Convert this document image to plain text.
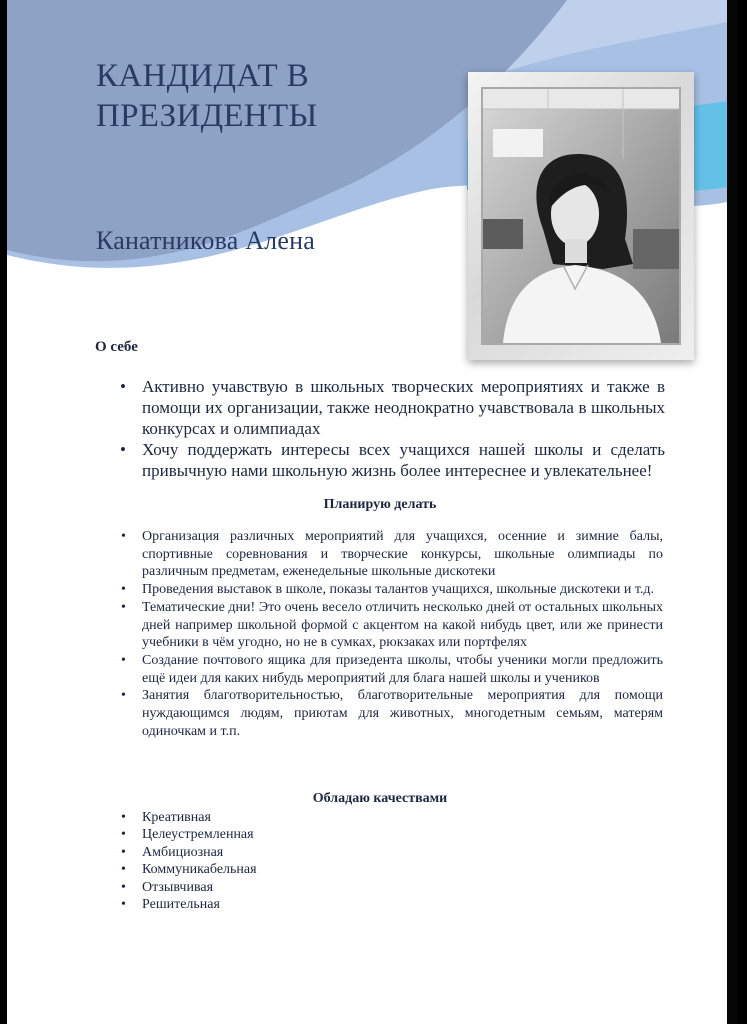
КАНДИДАТ В
ПРЕЗИДЕНТЫ
Канатникова Алена
О себе
• Активно учавствую в школьных творческих мероприятиях и также в помощи их организации, также неоднократно учавствовала в школьных конкурсах и олимпиадах
• Хочу поддержать интересы всех учащихся нашей школы и сделать привычную нами школьную жизнь более интереснее и увлекательнее!
Планирую делать
• Организация различных мероприятий для учащихся, осенние и зимние балы, спортивные соревнования и творческие конкурсы, школьные олимпиады по различным предметам, еженедельные школьные дискотеки
• Проведения выставок в школе, показы талантов учащихся, школьные дискотеки и т.д.
• Тематические дни! Это очень весело отличить несколько дней от остальных школьных дней например школьной формой с акцентом на какой нибудь цвет, или же принести учебники в чём угодно, но не в сумках, рюкзаках или портфелях
• Создание почтового ящика для призедента школы, чтобы ученики могли предложить ещё идеи для каких нибудь мероприятий для блага нашей школы и учеников
• Занятия благотворительностью, благотворительные мероприятия для помощи нуждающимся людям, приютам для животных, многодетным семьям, матерям одиночкам и т.п.
Обладаю качествами
• Креативная
• Целеустремленная
• Амбициозная
• Коммуникабельная
• Отзывчивая
• Решительная
